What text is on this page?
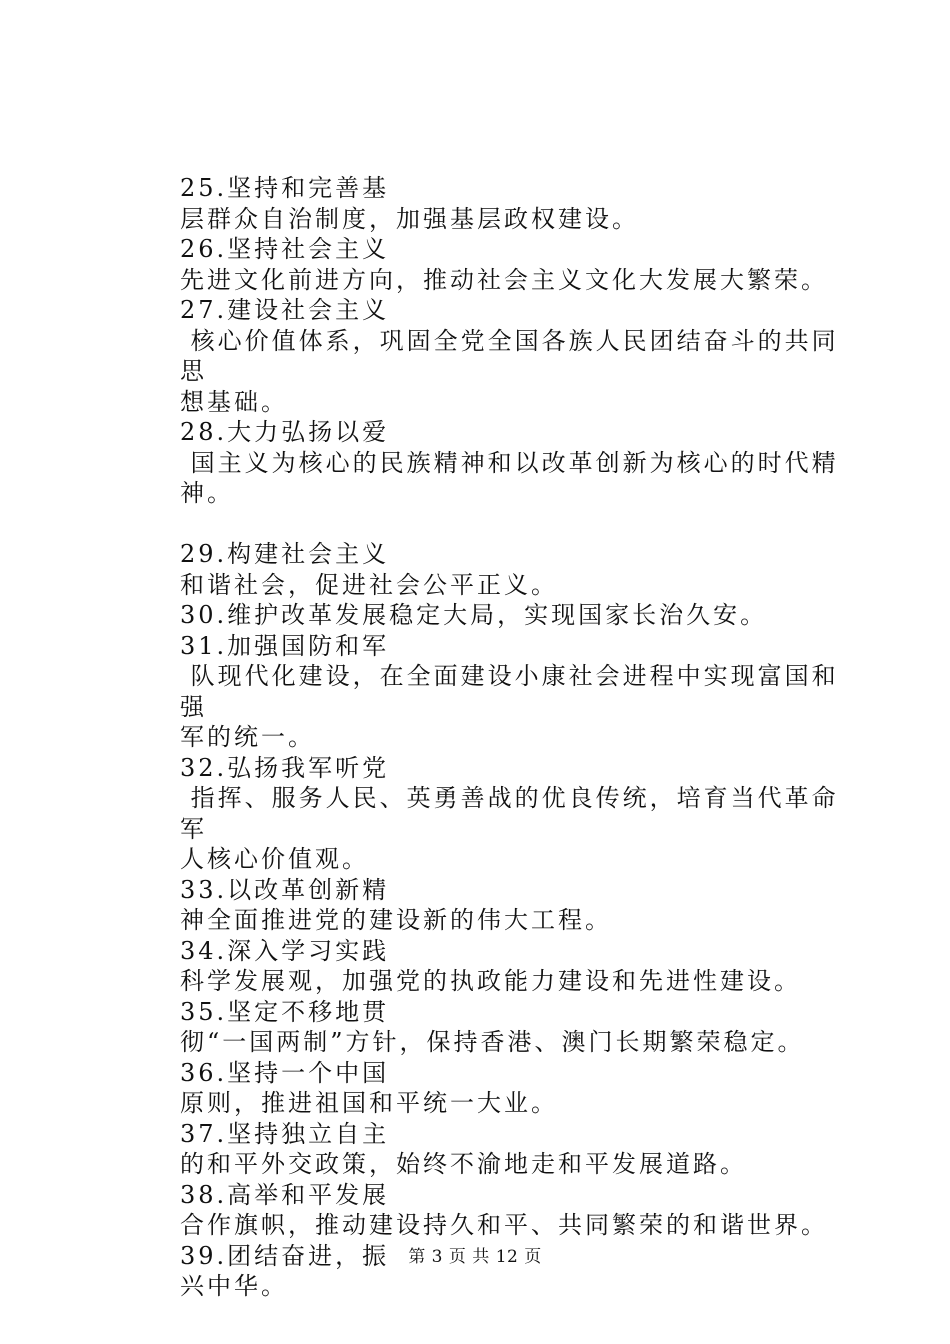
25.坚持和完善基
层群众自治制度，加强基层政权建设。
26.坚持社会主义
先进文化前进方向，推动社会主义文化大发展大繁荣。
27.建设社会主义
核心价值体系，巩固全党全国各族人民团结奋斗的共同思
想基础。
28.大力弘扬以爱
国主义为核心的民族精神和以改革创新为核心的时代精神。
29.构建社会主义
和谐社会，促进社会公平正义。
30.维护改革发展稳定大局，实现国家长治久安。
31.加强国防和军
队现代化建设，在全面建设小康社会进程中实现富国和强
军的统一。
32.弘扬我军听党
指挥、服务人民、英勇善战的优良传统，培育当代革命军
人核心价值观。
33.以改革创新精
神全面推进党的建设新的伟大工程。
34.深入学习实践
科学发展观，加强党的执政能力建设和先进性建设。
35.坚定不移地贯
彻“一国两制”方针，保持香港、澳门长期繁荣稳定。
36.坚持一个中国
原则，推进祖国和平统一大业。
37.坚持独立自主
的和平外交政策，始终不渝地走和平发展道路。
38.高举和平发展
合作旗帜，推动建设持久和平、共同繁荣的和谐世界。
39.团结奋进，振
兴中华。
第 3 页 共 12 页
